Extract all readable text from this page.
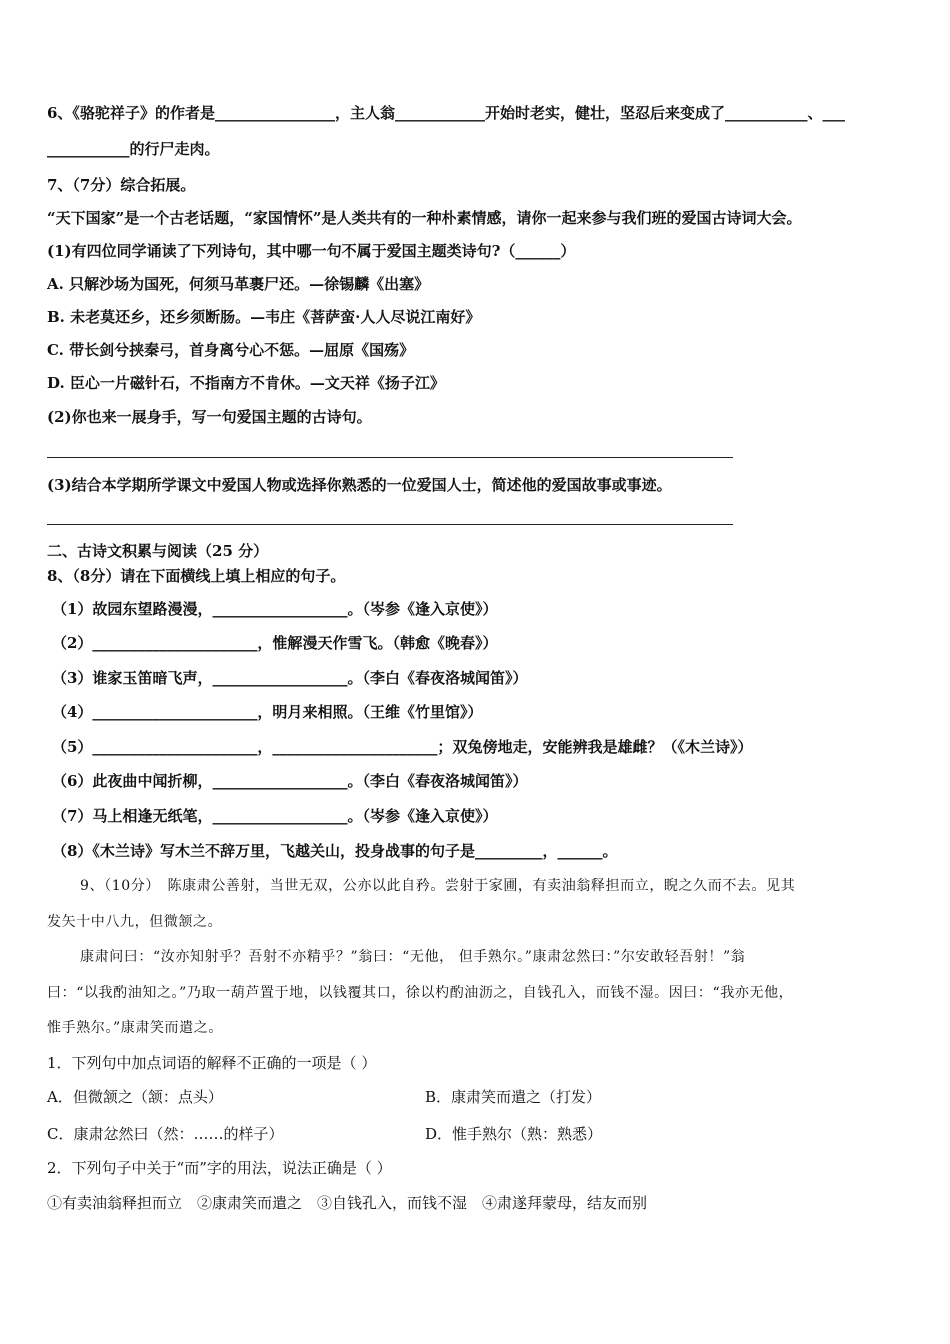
6、《骆驼祥子》的作者是________________，主人翁____________开始时老实，健壮，坚忍后来变成了___________、___
___________的行尸走肉。
7、（7分）综合拓展。
“天下国家”是一个古老话题，“家国情怀”是人类共有的一种朴素情感，请你一起来参与我们班的爱国古诗词大会。
(1)有四位同学诵读了下列诗句，其中哪一句不属于爱国主题类诗句?（______）
A. 只解沙场为国死，何须马革裹尸还。—徐锡麟《出塞》
B. 未老莫还乡，还乡须断肠。—韦庄《菩萨蛮·人人尽说江南好》
C. 带长剑兮挟秦弓，首身离兮心不惩。—屈原《国殇》
D. 臣心一片磁针石，不指南方不肯休。—文天祥《扬子江》
(2)你也来一展身手，写一句爱国主题的古诗句。
(3)结合本学期所学课文中爱国人物或选择你熟悉的一位爱国人士，简述他的爱国故事或事迹。
二、古诗文积累与阅读（25 分）
8、（8分）请在下面横线上填上相应的句子。
（1）故园东望路漫漫，__________________。（岑参《逢入京使》）
（2）______________________，惟解漫天作雪飞。（韩愈《晚春》）
（3）谁家玉笛暗飞声，__________________。（李白《春夜洛城闻笛》）
（4）______________________，明月来相照。（王维《竹里馆》）
（5）______________________，______________________；双兔傍地走，安能辨我是雄雌？（《木兰诗》）
（6）此夜曲中闻折柳，__________________。（李白《春夜洛城闻笛》）
（7）马上相逢无纸笔，__________________。（岑参《逢入京使》）
（8）《木兰诗》写木兰不辞万里，飞越关山，投身战事的句子是_________，______。
9、（10分）　陈康肃公善射，当世无双，公亦以此自矜。尝射于家圃，有卖油翁释担而立，睨之久而不去。见其
发矢十中八九，但微颔之。
康肃问曰：“汝亦知射乎？吾射不亦精乎？”翁曰：“无他， 但手熟尔。”康肃忿然曰：”尔安敢轻吾射！”翁
曰：“以我酌油知之。”乃取一葫芦置于地，以钱覆其口，徐以杓酌油沥之，自钱孔入，而钱不湿。因曰：“我亦无他，
惟手熟尔。”康肃笑而遣之。
1．下列句中加点词语的解释不正确的一项是（ ）
A．但微颔之（颔：点头）	B．康肃笑而遣之（打发）
C．康肃忿然曰（然：……的样子）	D．惟手熟尔（熟：熟悉）
2．下列句子中关于“而”字的用法，说法正确是（ ）
①有卖油翁释担而立　②康肃笑而遣之　③自钱孔入，而钱不湿　④肃遂拜蒙母，结友而别
